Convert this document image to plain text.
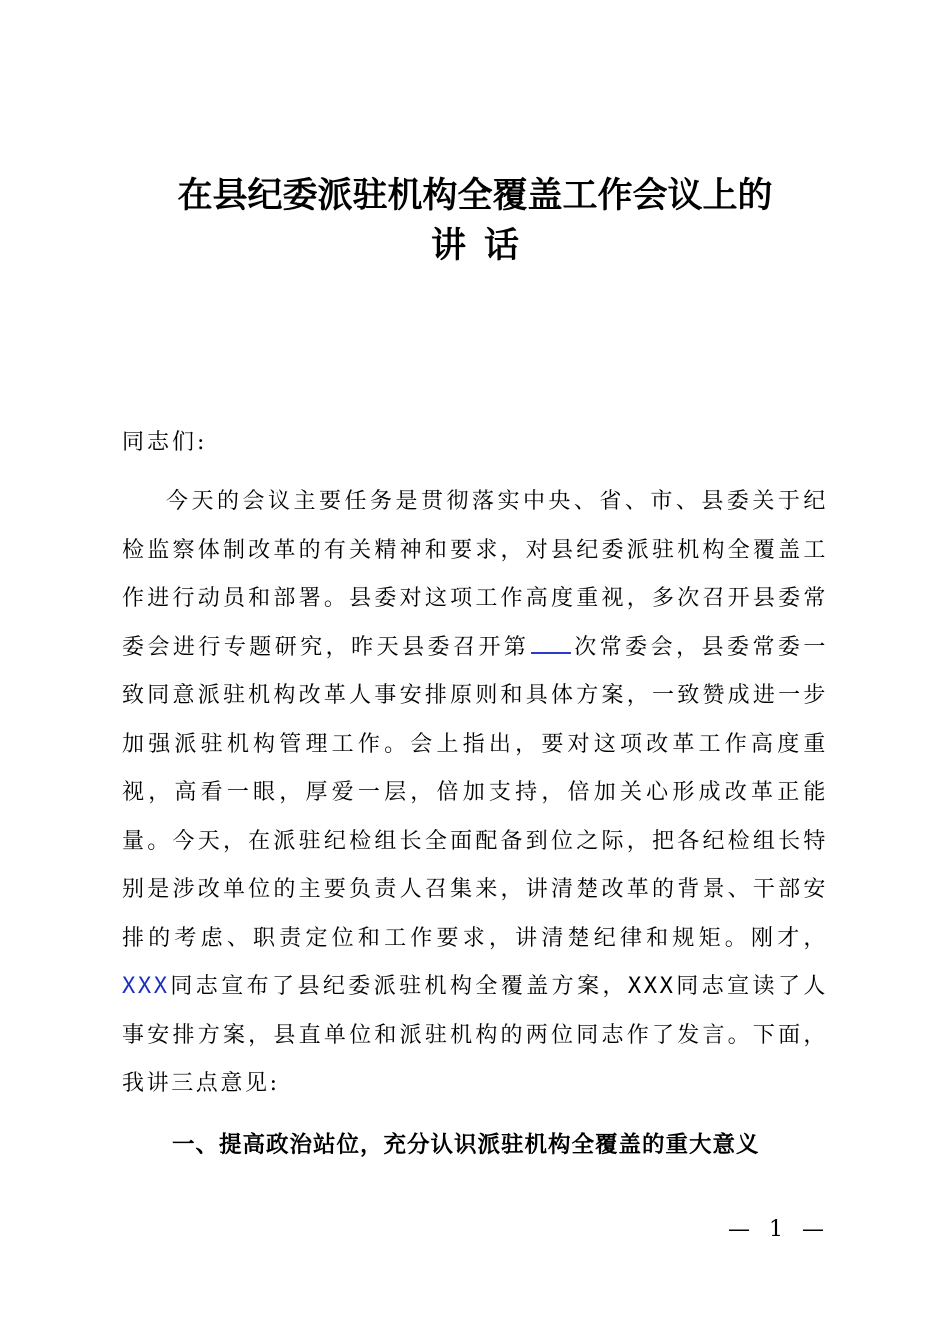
在县纪委派驻机构全覆盖工作会议上的
讲话
同志们:

今天的会议主要任务是贯彻落实中央、省、市、县委关于纪检监察体制改革的有关精神和要求，对县纪委派驻机构全覆盖工作进行动员和部署。县委对这项工作高度重视，多次召开县委常委会进行专题研究，昨天县委召开第 次常委会，县委常委一致同意派驻机构改革人事安排原则和具体方案，一致赞成进一步加强派驻机构管理工作。会上指出，要对这项改革工作高度重视，高看一眼，厚爱一层，倍加支持，倍加关心形成改革正能量。今天，在派驻纪检组长全面配备到位之际，把各纪检组长特别是涉改单位的主要负责人召集来，讲清楚改革的背景、干部安排的考虑、职责定位和工作要求，讲清楚纪律和规矩。刚才，XXX同志宣布了县纪委派驻机构全覆盖方案，XXX同志宣读了人事安排方案，县直单位和派驻机构的两位同志作了发言。下面，我讲三点意见:

一、提高政治站位，充分认识派驻机构全覆盖的重大意义
— 1 —
